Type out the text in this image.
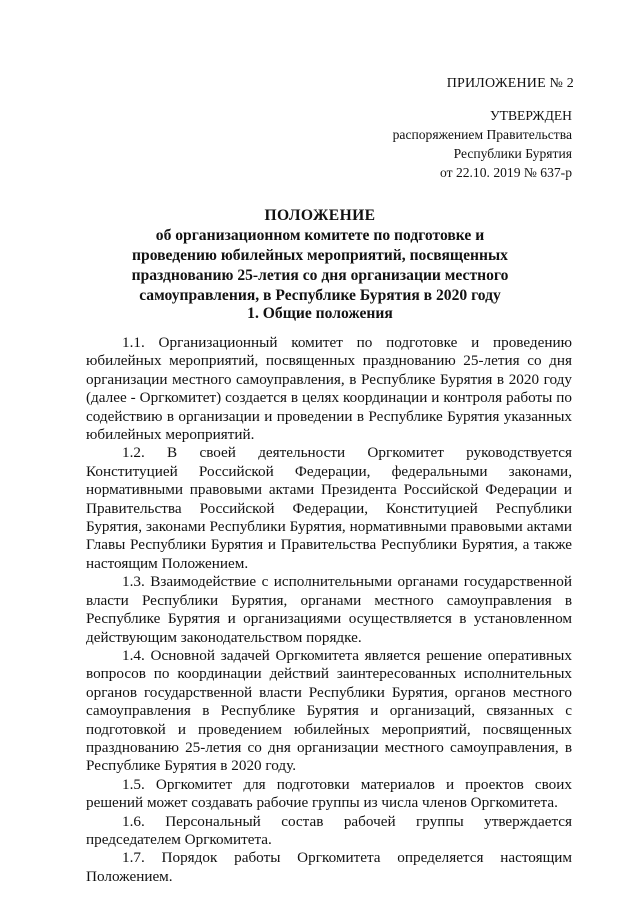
ПРИЛОЖЕНИЕ № 2
УТВЕРЖДЕН
распоряжением Правительства
Республики Бурятия
от 22.10. 2019 № 637-р
ПОЛОЖЕНИЕ
об организационном комитете по подготовке и
проведению юбилейных мероприятий, посвященных
празднованию 25-летия со дня организации местного
самоуправления, в Республике Бурятия в 2020 году
1. Общие положения

1.1. Организационный комитет по подготовке и проведению юбилейных мероприятий, посвященных празднованию 25-летия со дня организации местного самоуправления, в Республике Бурятия в 2020 году (далее - Оргкомитет) создается в целях координации и контроля работы по содействию в организации и проведении в Республике Бурятия указанных юбилейных мероприятий.

1.2. В своей деятельности Оргкомитет руководствуется Конституцией Российской Федерации, федеральными законами, нормативными правовыми актами Президента Российской Федерации и Правительства Российской Федерации, Конституцией Республики Бурятия, законами Республики Бурятия, нормативными правовыми актами Главы Республики Бурятия и Правительства Республики Бурятия, а также настоящим Положением.

1.3. Взаимодействие с исполнительными органами государственной власти Республики Бурятия, органами местного самоуправления в Республике Бурятия и организациями осуществляется в установленном действующим законодательством порядке.

1.4. Основной задачей Оргкомитета является решение оперативных вопросов по координации действий заинтересованных исполнительных органов государственной власти Республики Бурятия, органов местного самоуправления в Республике Бурятия и организаций, связанных с подготовкой и проведением юбилейных мероприятий, посвященных празднованию 25-летия со дня организации местного самоуправления, в Республике Бурятия в 2020 году.

1.5. Оргкомитет для подготовки материалов и проектов своих решений может создавать рабочие группы из числа членов Оргкомитета.

1.6. Персональный состав рабочей группы утверждается председателем Оргкомитета.

1.7. Порядок работы Оргкомитета определяется настоящим Положением.
